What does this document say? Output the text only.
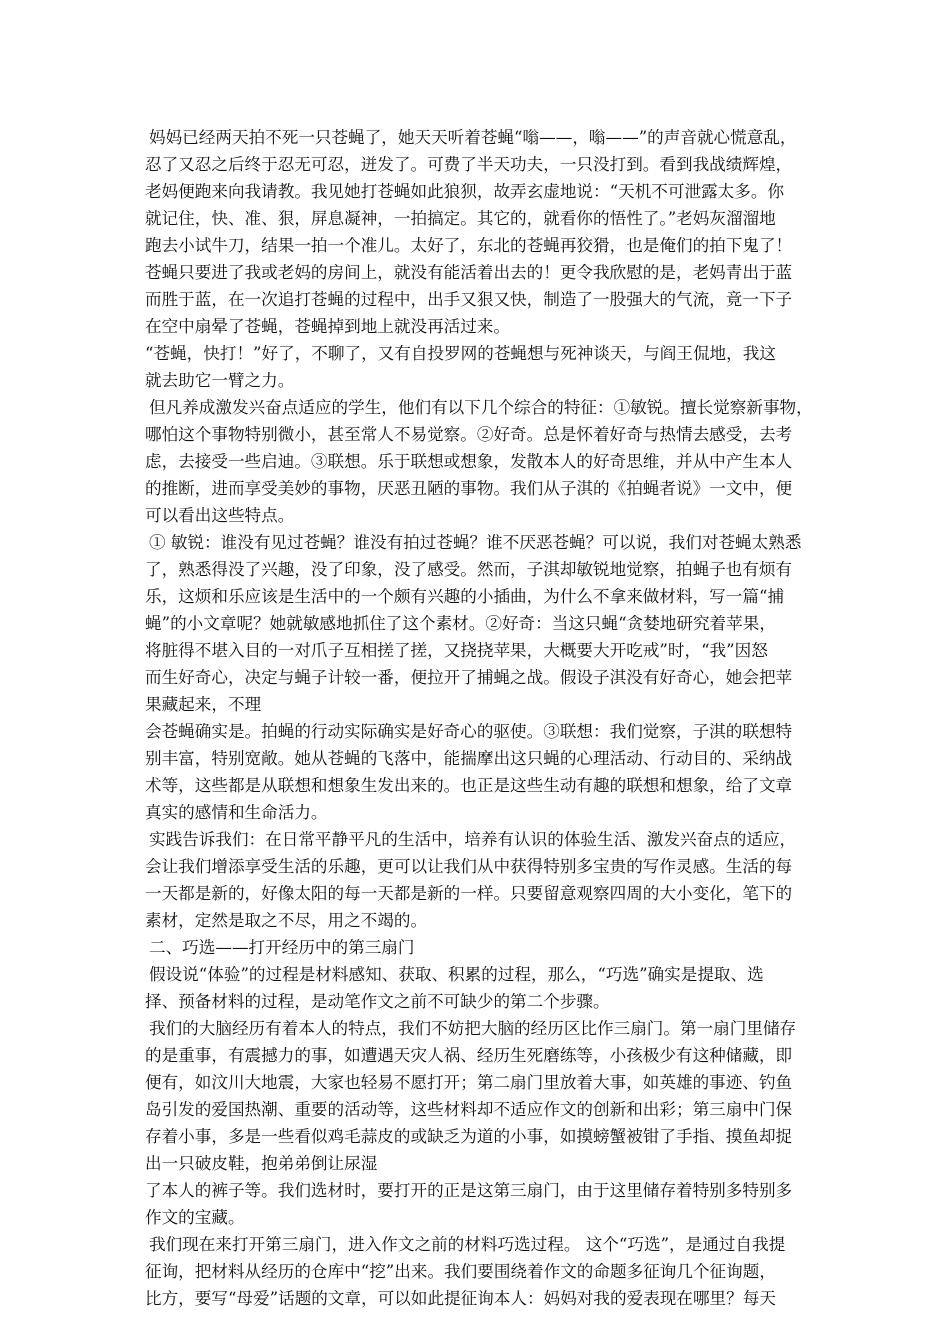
妈妈已经两天拍不死一只苍蝇了，她天天听着苍蝇“嗡——，嗡——”的声音就心慌意乱，
忍了又忍之后终于忍无可忍，迸发了。可费了半天功夫，一只没打到。看到我战绩辉煌，
老妈便跑来向我请教。我见她打苍蝇如此狼狈，故弄玄虚地说：“天机不可泄露太多。你
就记住，快、准、狠，屏息凝神，一拍搞定。其它的，就看你的悟性了。”老妈灰溜溜地
跑去小试牛刀，结果一拍一个准儿。太好了，东北的苍蝇再狡猾，也是俺们的拍下鬼了！
苍蝇只要进了我或老妈的房间上，就没有能活着出去的！更令我欣慰的是，老妈青出于蓝
而胜于蓝，在一次追打苍蝇的过程中，出手又狠又快，制造了一股强大的气流，竟一下子
在空中扇晕了苍蝇，苍蝇掉到地上就没再活过来。
“苍蝇，快打！”好了，不聊了，又有自投罗网的苍蝇想与死神谈天，与阎王侃地，我这
就去助它一臂之力。
但凡养成激发兴奋点适应的学生，他们有以下几个综合的特征：①敏锐。擅长觉察新事物，
哪怕这个事物特别微小，甚至常人不易觉察。②好奇。总是怀着好奇与热情去感受，去考
虑，去接受一些启迪。③联想。乐于联想或想象，发散本人的好奇思维，并从中产生本人
的推断，进而享受美妙的事物，厌恶丑陋的事物。我们从子淇的《拍蝇者说》一文中，便
可以看出这些特点。
① 敏锐：谁没有见过苍蝇？谁没有拍过苍蝇？谁不厌恶苍蝇？可以说，我们对苍蝇太熟悉
了，熟悉得没了兴趣，没了印象，没了感受。然而，子淇却敏锐地觉察，拍蝇子也有烦有
乐，这烦和乐应该是生活中的一个颇有兴趣的小插曲，为什么不拿来做材料，写一篇“捕
蝇”的小文章呢？她就敏感地抓住了这个素材。②好奇：当这只蝇“贪婪地研究着苹果，
将脏得不堪入目的一对爪子互相搓了搓，又挠挠苹果，大概要大开吃戒”时，“我”因怒
而生好奇心，决定与蝇子计较一番，便拉开了捕蝇之战。假设子淇没有好奇心，她会把苹
果藏起来，不理
会苍蝇确实是。拍蝇的行动实际确实是好奇心的驱使。③联想：我们觉察，子淇的联想特
别丰富，特别宽敞。她从苍蝇的飞落中，能揣摩出这只蝇的心理活动、行动目的、采纳战
术等，这些都是从联想和想象生发出来的。也正是这些生动有趣的联想和想象，给了文章
真实的感情和生命活力。
实践告诉我们：在日常平静平凡的生活中，培养有认识的体验生活、激发兴奋点的适应，
会让我们增添享受生活的乐趣，更可以让我们从中获得特别多宝贵的写作灵感。生活的每
一天都是新的，好像太阳的每一天都是新的一样。只要留意观察四周的大小变化，笔下的
素材，定然是取之不尽，用之不竭的。
二、巧选——打开经历中的第三扇门
假设说“体验”的过程是材料感知、获取、积累的过程，那么，“巧选”确实是提取、选
择、预备材料的过程，是动笔作文之前不可缺少的第二个步骤。
我们的大脑经历有着本人的特点，我们不妨把大脑的经历区比作三扇门。第一扇门里储存
的是重事，有震撼力的事，如遭遇天灾人祸、经历生死磨练等，小孩极少有这种储藏，即
便有，如汶川大地震，大家也轻易不愿打开；第二扇门里放着大事，如英雄的事迹、钓鱼
岛引发的爱国热潮、重要的活动等，这些材料却不适应作文的创新和出彩；第三扇中门保
存着小事，多是一些看似鸡毛蒜皮的或缺乏为道的小事，如摸螃蟹被钳了手指、摸鱼却捉
出一只破皮鞋，抱弟弟倒让尿湿
了本人的裤子等。我们选材时，要打开的正是这第三扇门，由于这里储存着特别多特别多
作文的宝藏。
我们现在来打开第三扇门，进入作文之前的材料巧选过程。 这个“巧选”，是通过自我提
征询，把材料从经历的仓库中“挖”出来。我们要围绕着作文的命题多征询几个征询题，
比方，要写“母爱”话题的文章，可以如此提征询本人：妈妈对我的爱表现在哪里？每天
